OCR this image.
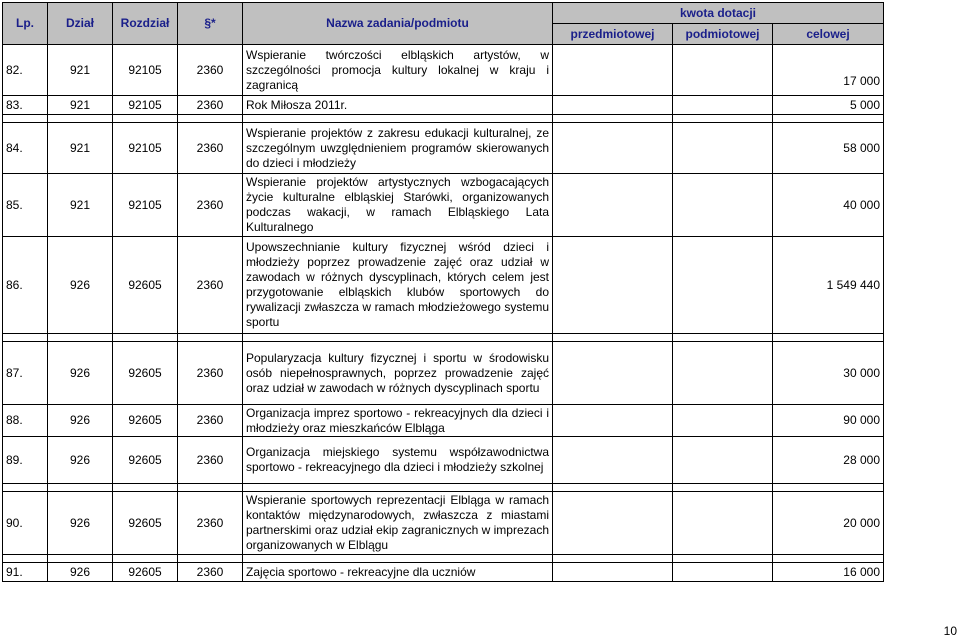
Lp.	Dział	Rozdział	§*	Nazwa zadania/podmiotu	kwota dotacji		
					przedmiotowej	podmiotowej	celowej
82.	921	92105	2360	Wspieranie twórczości elbląskich artystów, w szczególności promocja kultury lokalnej w kraju i zagranicą			17 000
83.	921	92105	2360	Rok Miłosza 2011r.			5 000

84.	921	92105	2360	Wspieranie projektów z zakresu edukacji kulturalnej, ze szczególnym uwzględnieniem programów skierowanych do dzieci i młodzieży			58 000
85.	921	92105	2360	Wspieranie projektów artystycznych wzbogacających życie kulturalne elbląskiej Starówki, organizowanych podczas wakacji, w ramach Elbląskiego Lata Kulturalnego			40 000
86.	926	92605	2360	Upowszechnianie kultury fizycznej wśród dzieci i młodzieży poprzez prowadzenie zajęć oraz udział w zawodach w różnych dyscyplinach, których celem jest przygotowanie elbląskich klubów sportowych do rywalizacji zwłaszcza w ramach młodzieżowego systemu sportu			1 549 440

87.	926	92605	2360	Popularyzacja kultury fizycznej i sportu w środowisku osób niepełnosprawnych, poprzez prowadzenie zajęć oraz udział w zawodach w różnych dyscyplinach sportu			30 000
88.	926	92605	2360	Organizacja imprez sportowo - rekreacyjnych dla dzieci i młodzieży oraz mieszkańców Elbląga			90 000
89.	926	92605	2360	Organizacja miejskiego systemu współzawodnictwa sportowo - rekreacyjnego dla dzieci i młodzieży szkolnej			28 000

90.	926	92605	2360	Wspieranie sportowych reprezentacji Elbląga w ramach kontaktów międzynarodowych, zwłaszcza z miastami partnerskimi oraz udział ekip zagranicznych w imprezach organizowanych w Elblągu			20 000

91.	926	92605	2360	Zajęcia sportowo - rekreacyjne dla uczniów			16 000
10
